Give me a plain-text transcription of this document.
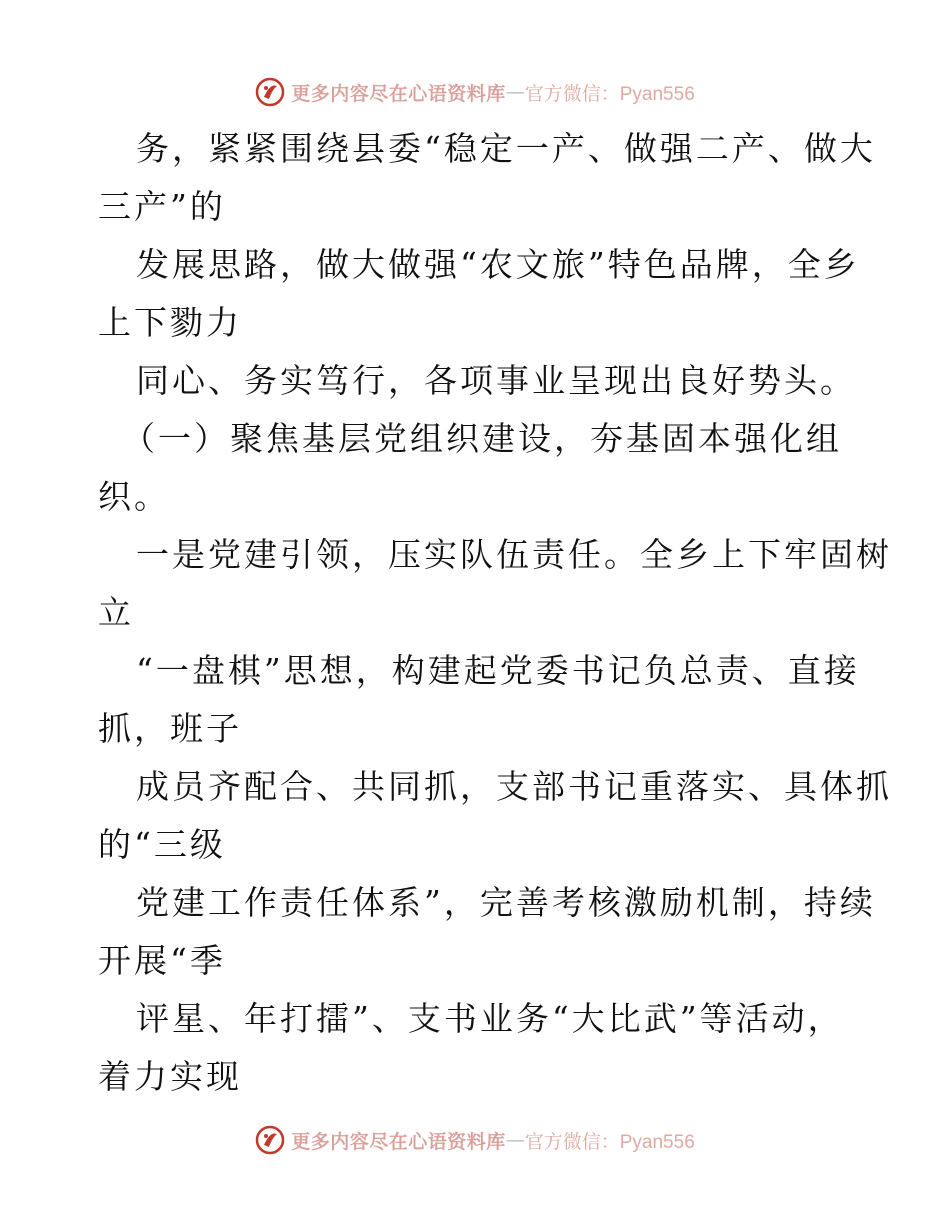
更多内容尽在心语资料库 — 官方微信：Pyan556
务，紧紧围绕县委“稳定一产、做强二产、做大
三产”的
发展思路，做大做强“农文旅”特色品牌，全乡
上下勠力
同心、务实笃行，各项事业呈现出良好势头。
（一）聚焦基层党组织建设，夯基固本强化组
织。
一是党建引领，压实队伍责任。全乡上下牢固树
立
“一盘棋”思想，构建起党委书记负总责、直接
抓，班子
成员齐配合、共同抓，支部书记重落实、具体抓
的“三级
党建工作责任体系”，完善考核激励机制，持续
开展“季
评星、年打擂”、支书业务“大比武”等活动，
着力实现
更多内容尽在心语资料库 — 官方微信：Pyan556
